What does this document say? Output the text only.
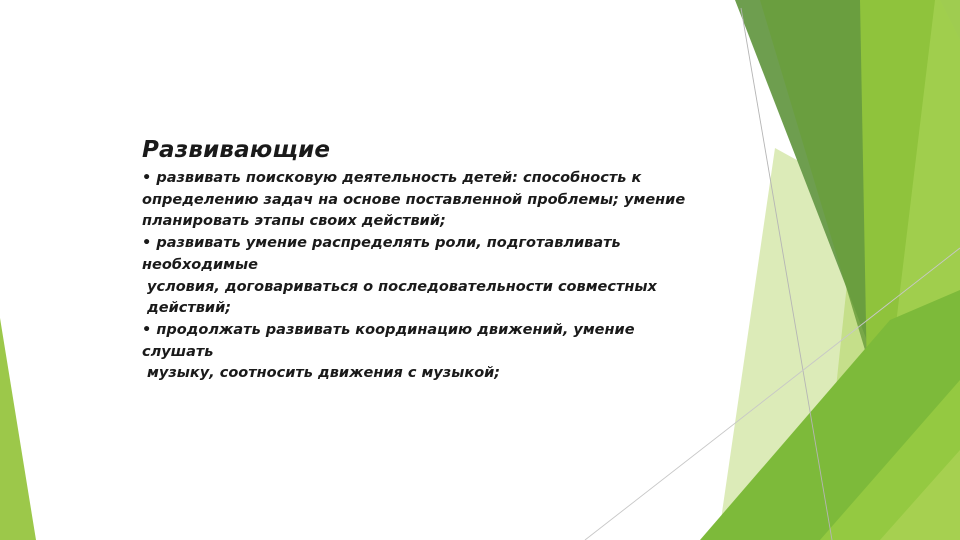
Развивающие
• развивать поисковую деятельность детей: способность к
определению задач на основе поставленной проблемы; умение
планировать этапы своих действий;
• развивать умение распределять роли, подготавливать
необходимые
условия, договариваться о последовательности совместных
действий;
• продолжать развивать координацию движений, умение
слушать
музыку, соотносить движения с музыкой;
